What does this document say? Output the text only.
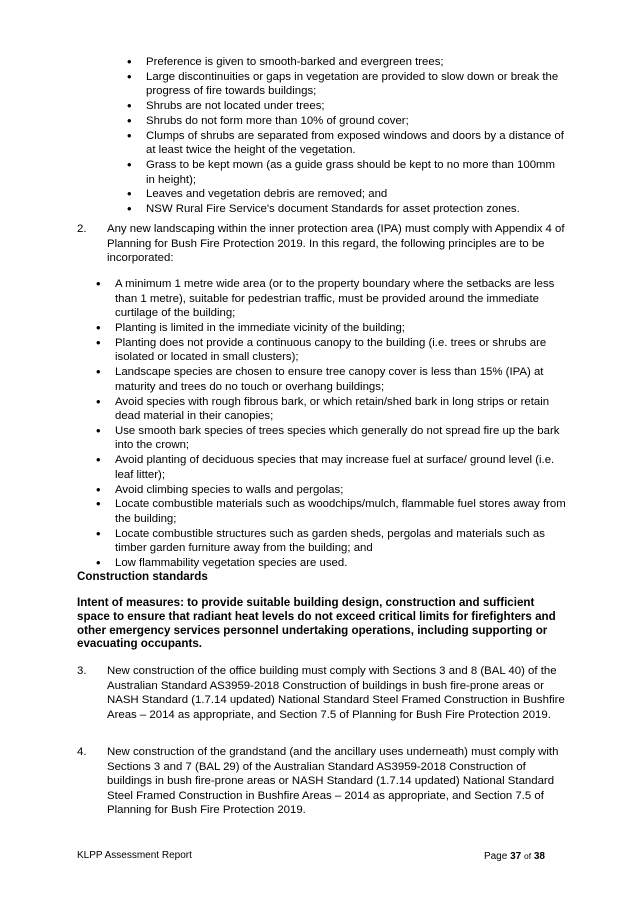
• Preference is given to smooth-barked and evergreen trees;
• Large discontinuities or gaps in vegetation are provided to slow down or break the progress of fire towards buildings;
• Shrubs are not located under trees;
• Shrubs do not form more than 10% of ground cover;
• Clumps of shrubs are separated from exposed windows and doors by a distance of at least twice the height of the vegetation.
• Grass to be kept mown (as a guide grass should be kept to no more than 100mm in height);
• Leaves and vegetation debris are removed; and
• NSW Rural Fire Service's document Standards for asset protection zones.
2. Any new landscaping within the inner protection area (IPA) must comply with Appendix 4 of Planning for Bush Fire Protection 2019. In this regard, the following principles are to be incorporated:
• A minimum 1 metre wide area (or to the property boundary where the setbacks are less than 1 metre), suitable for pedestrian traffic, must be provided around the immediate curtilage of the building;
• Planting is limited in the immediate vicinity of the building;
• Planting does not provide a continuous canopy to the building (i.e. trees or shrubs are isolated or located in small clusters);
• Landscape species are chosen to ensure tree canopy cover is less than 15% (IPA) at maturity and trees do no touch or overhang buildings;
• Avoid species with rough fibrous bark, or which retain/shed bark in long strips or retain dead material in their canopies;
• Use smooth bark species of trees species which generally do not spread fire up the bark into the crown;
• Avoid planting of deciduous species that may increase fuel at surface/ ground level (i.e. leaf litter);
• Avoid climbing species to walls and pergolas;
• Locate combustible materials such as woodchips/mulch, flammable fuel stores away from the building;
• Locate combustible structures such as garden sheds, pergolas and materials such as timber garden furniture away from the building; and
• Low flammability vegetation species are used.
Construction standards
Intent of measures: to provide suitable building design, construction and sufficient space to ensure that radiant heat levels do not exceed critical limits for firefighters and other emergency services personnel undertaking operations, including supporting or evacuating occupants.
3. New construction of the office building must comply with Sections 3 and 8 (BAL 40) of the Australian Standard AS3959-2018 Construction of buildings in bush fire-prone areas or NASH Standard (1.7.14 updated) National Standard Steel Framed Construction in Bushfire Areas – 2014 as appropriate, and Section 7.5 of Planning for Bush Fire Protection 2019.
4. New construction of the grandstand (and the ancillary uses underneath) must comply with Sections 3 and 7 (BAL 29) of the Australian Standard AS3959-2018 Construction of buildings in bush fire-prone areas or NASH Standard (1.7.14 updated) National Standard Steel Framed Construction in Bushfire Areas – 2014 as appropriate, and Section 7.5 of Planning for Bush Fire Protection 2019.
KLPP Assessment Report	Page 37 of 38
